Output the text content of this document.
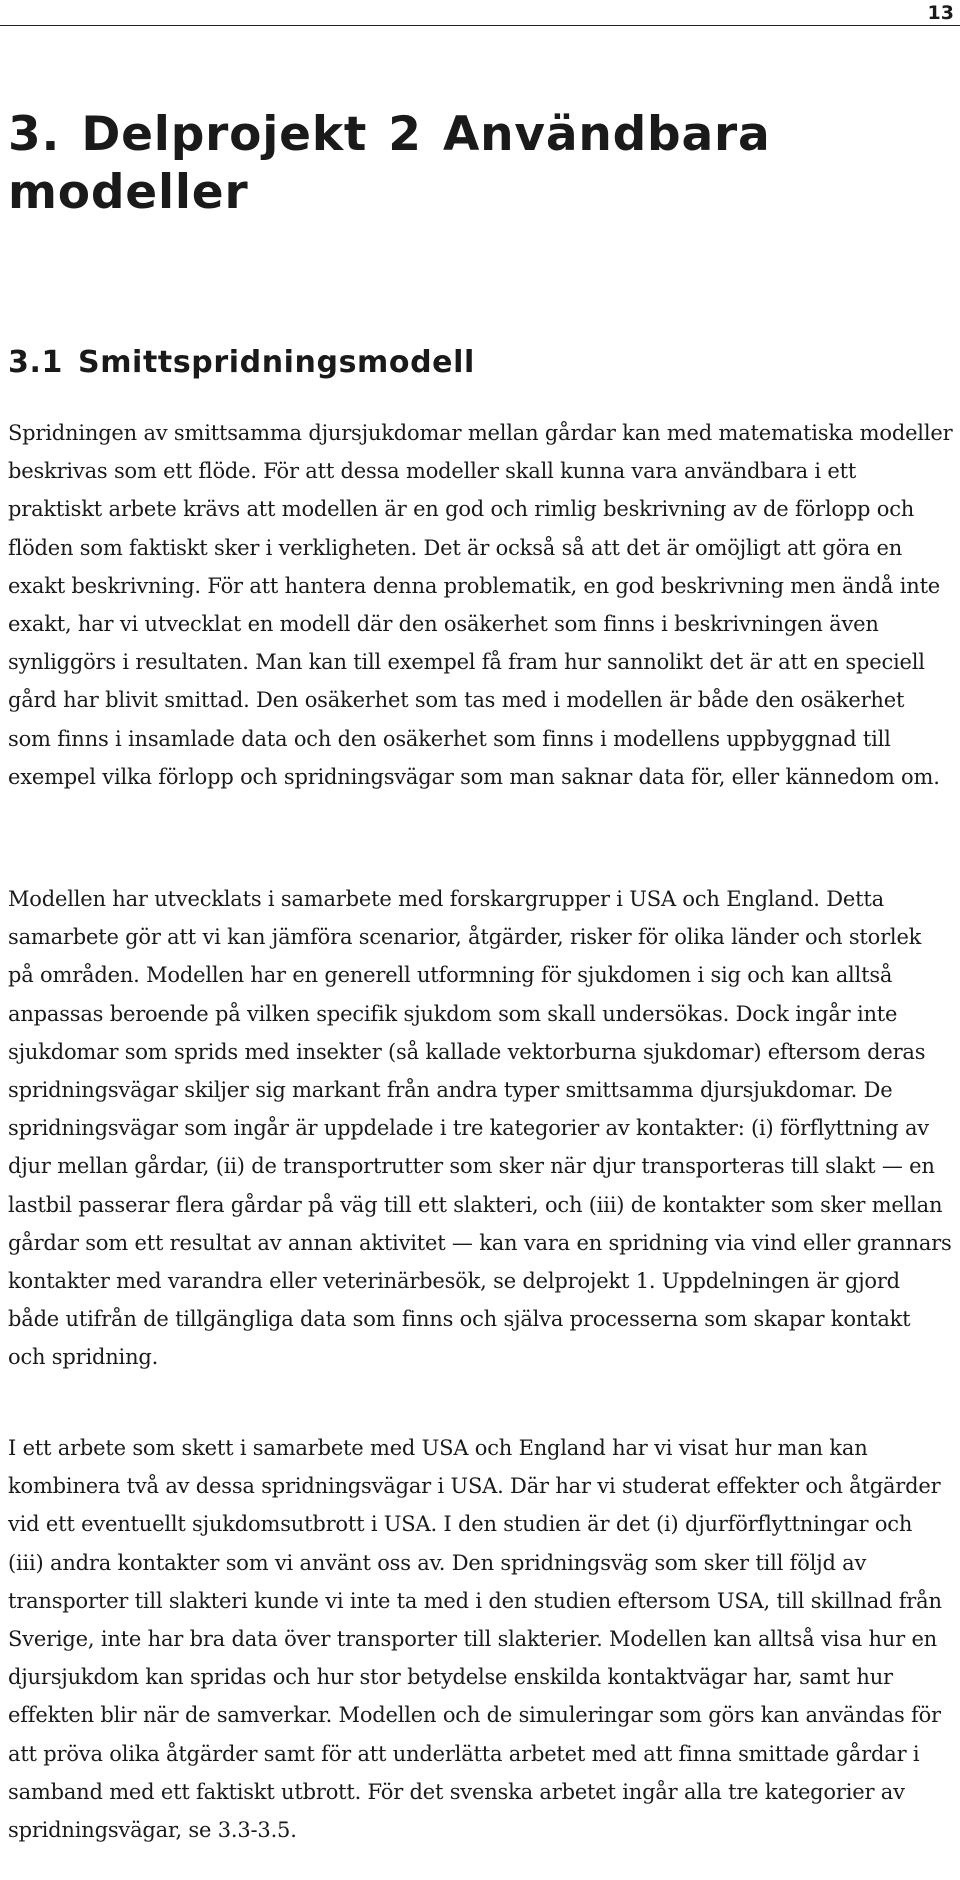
13
3. Delprojekt 2 Användbara modeller
3.1 Smittspridningsmodell

Spridningen av smittsamma djursjukdomar mellan gårdar kan med matematiska modeller beskrivas som ett flöde. För att dessa modeller skall kunna vara användbara i ett praktiskt arbete krävs att modellen är en god och rimlig beskrivning av de förlopp och flöden som faktiskt sker i verkligheten. Det är också så att det är omöjligt att göra en exakt beskrivning. För att hantera denna problematik, en god beskrivning men ändå inte exakt, har vi utvecklat en modell där den osäkerhet som finns i beskrivningen även synliggörs i resultaten. Man kan till exempel få fram hur sannolikt det är att en speciell gård har blivit smittad. Den osäkerhet som tas med i modellen är både den osäkerhet som finns i insamlade data och den osäkerhet som finns i modellens uppbyggnad till exempel vilka förlopp och spridningsvägar som man saknar data för, eller kännedom om.

Modellen har utvecklats i samarbete med forskargrupper i USA och England. Detta samarbete gör att vi kan jämföra scenarior, åtgärder, risker för olika länder och storlek på områden. Modellen har en generell utformning för sjukdomen i sig och kan alltså anpassas beroende på vilken specifik sjukdom som skall undersökas. Dock ingår inte sjukdomar som sprids med insekter (så kallade vektorburna sjukdomar) eftersom deras spridningsvägar skiljer sig markant från andra typer smittsamma djursjukdomar. De spridningsvägar som ingår är uppdelade i tre kategorier av kontakter: (i) förflyttning av djur mellan gårdar, (ii) de transportrutter som sker när djur transporteras till slakt — en lastbil passerar flera gårdar på väg till ett slakteri, och (iii) de kontakter som sker mellan gårdar som ett resultat av annan aktivitet — kan vara en spridning via vind eller grannars kontakter med varandra eller veterinärbesök, se delprojekt 1. Uppdelningen är gjord både utifrån de tillgängliga data som finns och själva processerna som skapar kontakt och spridning.

I ett arbete som skett i samarbete med USA och England har vi visat hur man kan kombinera två av dessa spridningsvägar i USA. Där har vi studerat effekter och åtgärder vid ett eventuellt sjukdomsutbrott i USA. I den studien är det (i) djurförflyttningar och (iii) andra kontakter som vi använt oss av. Den spridningsväg som sker till följd av transporter till slakteri kunde vi inte ta med i den studien eftersom USA, till skillnad från Sverige, inte har bra data över transporter till slakterier. Modellen kan alltså visa hur en djursjukdom kan spridas och hur stor betydelse enskilda kontaktvägar har, samt hur effekten blir när de samverkar. Modellen och de simuleringar som görs kan användas för att pröva olika åtgärder samt för att underlätta arbetet med att finna smittade gårdar i samband med ett faktiskt utbrott. För det svenska arbetet ingår alla tre kategorier av spridningsvägar, se 3.3-3.5.
